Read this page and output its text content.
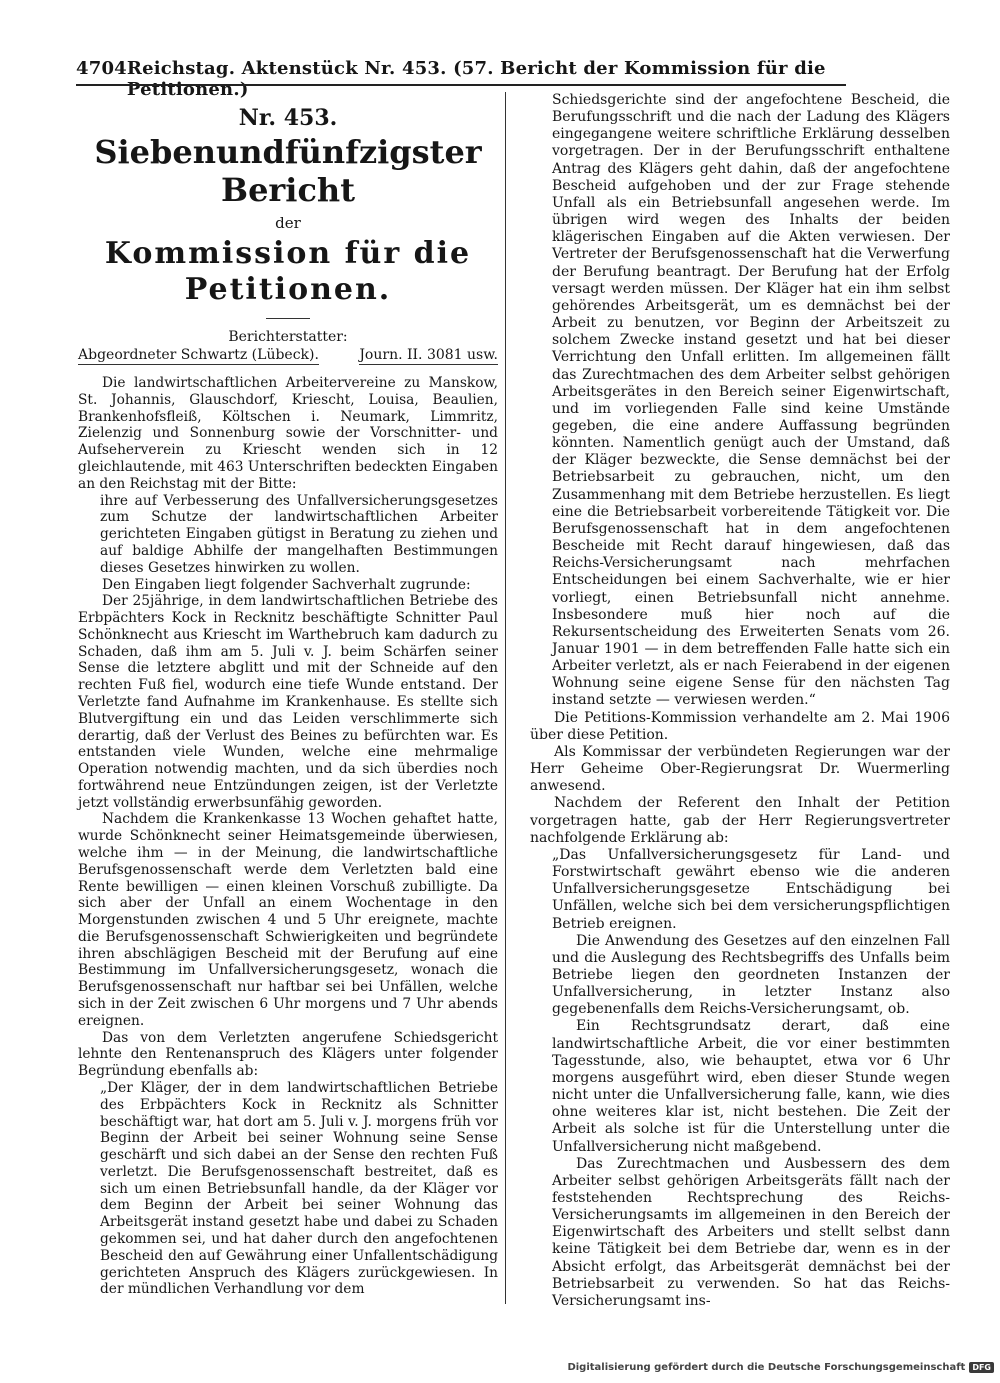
4704 Reichstag. Aktenstück Nr. 453. (57. Bericht der Kommission für die Petitionen.)
Nr. 453.
Siebenundfünfzigster Bericht
der
Kommission für die Petitionen.
Berichterstatter:
Abgeordneter Schwartz (Lübeck).	Journ. II. 3081 usw.

Die landwirtschaftlichen Arbeitervereine zu Manskow, St. Johannis, Glauschdorf, Kriescht, Louisa, Beaulien, Brankenhofsfleiß, Költschen i. Neumark, Limmritz, Zielenzig und Sonnenburg sowie der Vorschnitter- und Aufseherverein zu Kriescht wenden sich in 12 gleichlautende, mit 463 Unterschriften bedeckten Eingaben an den Reichstag mit der Bitte:

ihre auf Verbesserung des Unfallversicherungsgesetzes zum Schutze der landwirtschaftlichen Arbeiter gerichteten Eingaben gütigst in Beratung zu ziehen und auf baldige Abhilfe der mangelhaften Bestimmungen dieses Gesetzes hinwirken zu wollen.

Den Eingaben liegt folgender Sachverhalt zugrunde:

Der 25jährige, in dem landwirtschaftlichen Betriebe des Erbpächters Kock in Recknitz beschäftigte Schnitter Paul Schönknecht aus Kriescht im Warthebruch kam dadurch zu Schaden, daß ihm am 5. Juli v. J. beim Schärfen seiner Sense die letztere abglitt und mit der Schneide auf den rechten Fuß fiel, wodurch eine tiefe Wunde entstand. Der Verletzte fand Aufnahme im Krankenhause. Es stellte sich Blutvergiftung ein und das Leiden verschlimmerte sich derartig, daß der Verlust des Beines zu befürchten war. Es entstanden viele Wunden, welche eine mehrmalige Operation notwendig machten, und da sich überdies noch fortwährend neue Entzündungen zeigen, ist der Verletzte jetzt vollständig erwerbsunfähig geworden.

Nachdem die Krankenkasse 13 Wochen gehaftet hatte, wurde Schönknecht seiner Heimatsgemeinde überwiesen, welche ihm — in der Meinung, die landwirtschaftliche Berufsgenossenschaft werde dem Verletzten bald eine Rente bewilligen — einen kleinen Vorschuß zubilligte. Da sich aber der Unfall an einem Wochentage in den Morgenstunden zwischen 4 und 5 Uhr ereignete, machte die Berufsgenossenschaft Schwierigkeiten und begründete ihren abschlägigen Bescheid mit der Berufung auf eine Bestimmung im Unfallversicherungsgesetz, wonach die Berufsgenossenschaft nur haftbar sei bei Unfällen, welche sich in der Zeit zwischen 6 Uhr morgens und 7 Uhr abends ereignen.

Das von dem Verletzten angerufene Schiedsgericht lehnte den Rentenanspruch des Klägers unter folgender Begründung ebenfalls ab:

„Der Kläger, der in dem landwirtschaftlichen Betriebe des Erbpächters Kock in Recknitz als Schnitter beschäftigt war, hat dort am 5. Juli v. J. morgens früh vor Beginn der Arbeit bei seiner Wohnung seine Sense geschärft und sich dabei an der Sense den rechten Fuß verletzt. Die Berufsgenossenschaft bestreitet, daß es sich um einen Betriebsunfall handle, da der Kläger vor dem Beginn der Arbeit bei seiner Wohnung das Arbeitsgerät instand gesetzt habe und dabei zu Schaden gekommen sei, und hat daher durch den angefochtenen Bescheid den auf Gewährung einer Unfallentschädigung gerichteten Anspruch des Klägers zurückgewiesen. In der mündlichen Verhandlung vor dem

Schiedsgerichte sind der angefochtene Bescheid, die Berufungsschrift und die nach der Ladung des Klägers eingegangene weitere schriftliche Erklärung desselben vorgetragen. Der in der Berufungsschrift enthaltene Antrag des Klägers geht dahin, daß der angefochtene Bescheid aufgehoben und der zur Frage stehende Unfall als ein Betriebsunfall angesehen werde. Im übrigen wird wegen des Inhalts der beiden klägerischen Eingaben auf die Akten verwiesen. Der Vertreter der Berufsgenossenschaft hat die Verwerfung der Berufung beantragt. Der Berufung hat der Erfolg versagt werden müssen. Der Kläger hat ein ihm selbst gehörendes Arbeitsgerät, um es demnächst bei der Arbeit zu benutzen, vor Beginn der Arbeitszeit zu solchem Zwecke instand gesetzt und hat bei dieser Verrichtung den Unfall erlitten. Im allgemeinen fällt das Zurechtmachen des dem Arbeiter selbst gehörigen Arbeitsgerätes in den Bereich seiner Eigenwirtschaft, und im vorliegenden Falle sind keine Umstände gegeben, die eine andere Auffassung begründen könnten. Namentlich genügt auch der Umstand, daß der Kläger bezweckte, die Sense demnächst bei der Betriebsarbeit zu gebrauchen, nicht, um den Zusammenhang mit dem Betriebe herzustellen. Es liegt eine die Betriebsarbeit vorbereitende Tätigkeit vor. Die Berufsgenossenschaft hat in dem angefochtenen Bescheide mit Recht darauf hingewiesen, daß das Reichs-Versicherungsamt nach mehrfachen Entscheidungen bei einem Sachverhalte, wie er hier vorliegt, einen Betriebsunfall nicht annehme. Insbesondere muß hier noch auf die Rekursentscheidung des Erweiterten Senats vom 26. Januar 1901 — in dem betreffenden Falle hatte sich ein Arbeiter verletzt, als er nach Feierabend in der eigenen Wohnung seine eigene Sense für den nächsten Tag instand setzte — verwiesen werden.“

Die Petitions-Kommission verhandelte am 2. Mai 1906 über diese Petition.

Als Kommissar der verbündeten Regierungen war der Herr Geheime Ober-Regierungsrat Dr. Wuermerling anwesend.

Nachdem der Referent den Inhalt der Petition vorgetragen hatte, gab der Herr Regierungsvertreter nachfolgende Erklärung ab:

„Das Unfallversicherungsgesetz für Land- und Forstwirtschaft gewährt ebenso wie die anderen Unfallversicherungsgesetze Entschädigung bei Unfällen, welche sich bei dem versicherungspflichtigen Betrieb ereignen.

Die Anwendung des Gesetzes auf den einzelnen Fall und die Auslegung des Rechtsbegriffs des Unfalls beim Betriebe liegen den geordneten Instanzen der Unfallversicherung, in letzter Instanz also gegebenenfalls dem Reichs-Versicherungsamt, ob.

Ein Rechtsgrundsatz derart, daß eine landwirtschaftliche Arbeit, die vor einer bestimmten Tagesstunde, also, wie behauptet, etwa vor 6 Uhr morgens ausgeführt wird, eben dieser Stunde wegen nicht unter die Unfallversicherung falle, kann, wie dies ohne weiteres klar ist, nicht bestehen. Die Zeit der Arbeit als solche ist für die Unterstellung unter die Unfallversicherung nicht maßgebend.

Das Zurechtmachen und Ausbessern des dem Arbeiter selbst gehörigen Arbeitsgeräts fällt nach der feststehenden Rechtsprechung des Reichs-Versicherungsamts im allgemeinen in den Bereich der Eigenwirtschaft des Arbeiters und stellt selbst dann keine Tätigkeit bei dem Betriebe dar, wenn es in der Absicht erfolgt, das Arbeitsgerät demnächst bei der Betriebsarbeit zu verwenden. So hat das Reichs-Versicherungsamt ins-

Digitalisierung gefördert durch die Deutsche Forschungsgemeinschaft DFG
